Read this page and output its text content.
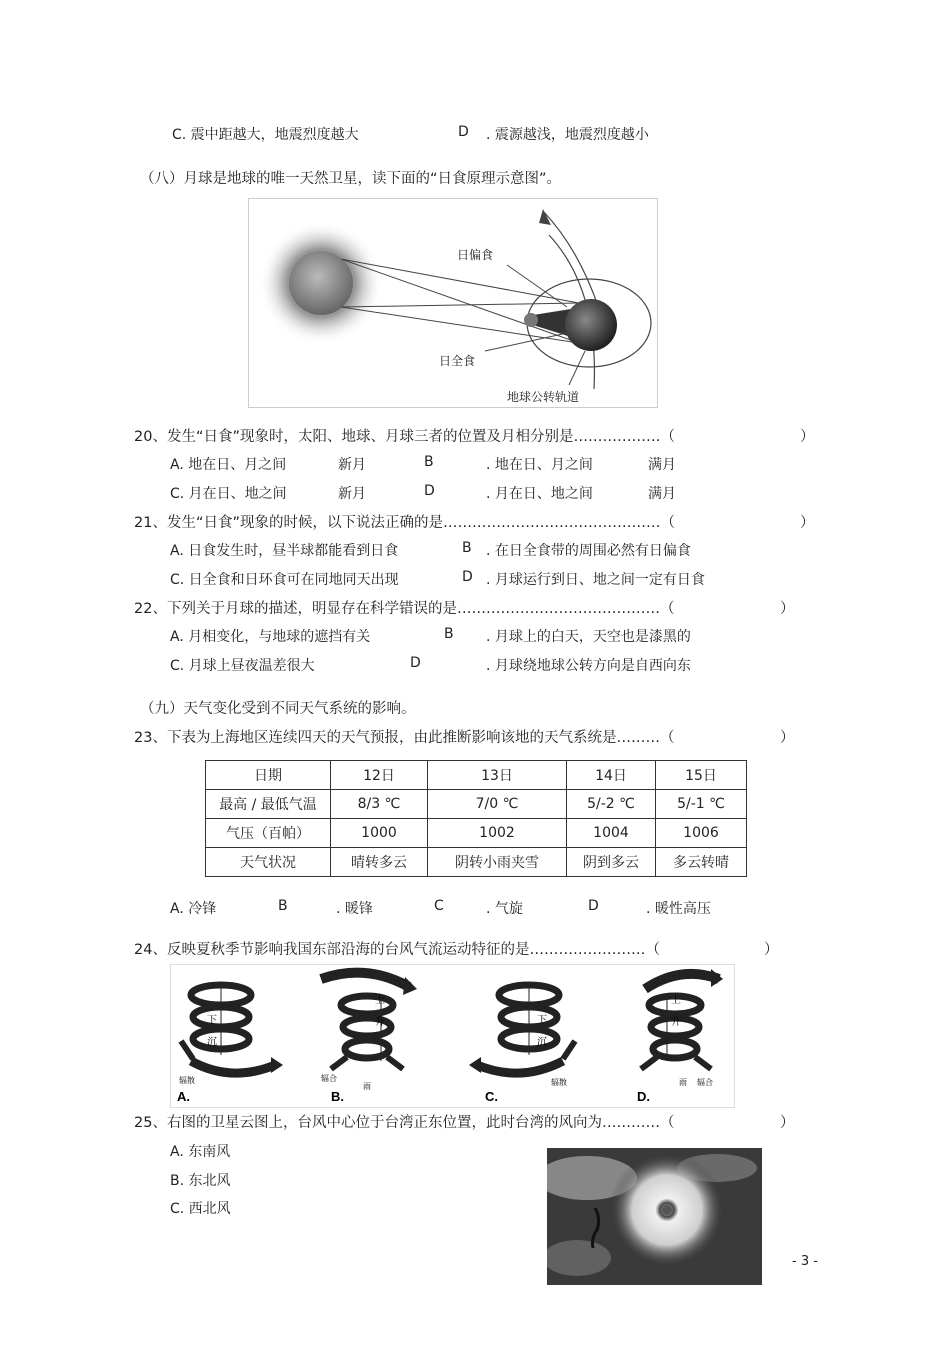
C. 震中距越大，地震烈度越大	D . 震源越浅，地震烈度越小
（八）月球是地球的唯一天然卫星，读下面的“日食原理示意图”。
日偏食
日全食
地球公转轨道
20、发生“日食”现象时，太阳、地球、月球三者的位置及月相分别是………………（	）
A. 地在日、月之间	新月	B	. 地在日、月之间	满月
C. 月在日、地之间	新月	D	. 月在日、地之间	满月
21、发生“日食”现象的时候，以下说法正确的是………………………………………（	）
A. 日食发生时，昼半球都能看到日食	B . 在日全食带的周围必然有日偏食
C. 日全食和日环食可在同地同天出现	D . 月球运行到日、地之间一定有日食
22、下列关于月球的描述，明显存在科学错误的是……………………………………（	）
A. 月相变化，与地球的遮挡有关	B . 月球上的白天，天空也是漆黑的
C. 月球上昼夜温差很大	D	. 月球绕地球公转方向是自西向东
（九）天气变化受到不同天气系统的影响。
23、下表为上海地区连续四天的天气预报，由此推断影响该地的天气系统是………（	）
日期	12日	13日	14日	15日
最高 / 最低气温	8/3 ℃	7/0 ℃	5/-2 ℃	5/-1 ℃
气压（百帕）	1000	1002	1004	1006
天气状况	晴转多云	阴转小雨夹雪	阴到多云	多云转晴
A. 冷锋	B	. 暖锋	C	. 气旋	D	. 暖性高压
24、反映夏秋季节影响我国东部沿海的台风气流运动特征的是……………………（	）
下
沉
辐散
A.
上
升
辐合
雨
B.
下
沉
辐散
C.
上
升
雨 辐合
D.
25、右图的卫星云图上，台风中心位于台湾正东位置，此时台湾的风向为…………（	）
A. 东南风
B. 东北风
C. 西北风
- 3 -
